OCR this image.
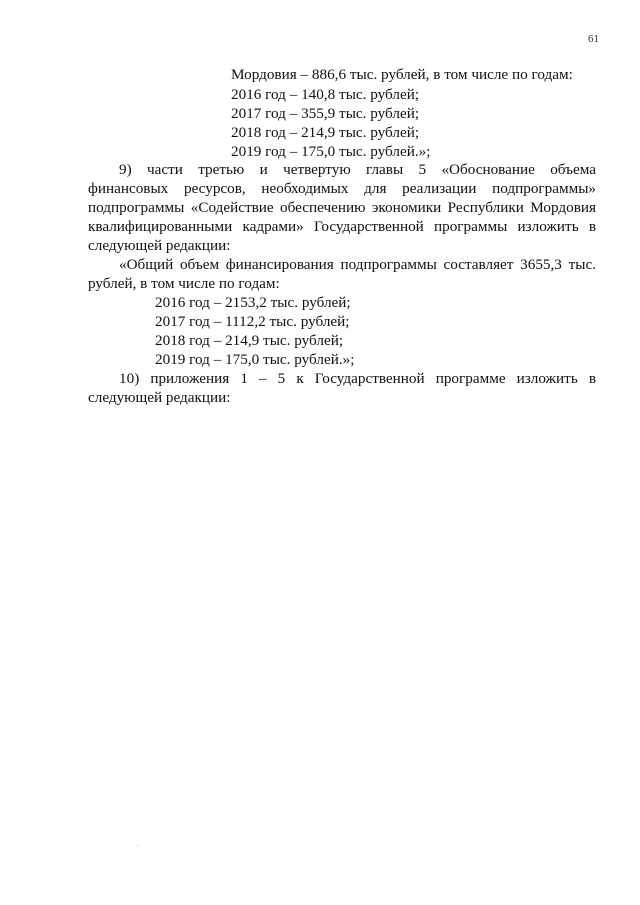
61
Мордовия – 886,6 тыс. рублей, в том числе по годам:
2016 год – 140,8 тыс. рублей;
2017 год – 355,9 тыс. рублей;
2018 год – 214,9 тыс. рублей;
2019 год – 175,0 тыс. рублей.»;
9) части третью и четвертую главы 5 «Обоснование объема
финансовых ресурсов, необходимых для реализации подпрограммы»
подпрограммы «Содействие обеспечению экономики Республики Мордовия
квалифицированными кадрами» Государственной программы изложить в
следующей редакции:
«Общий объем финансирования подпрограммы составляет 3655,3 тыс.
рублей, в том числе по годам:
2016 год – 2153,2 тыс. рублей;
2017 год – 1112,2 тыс. рублей;
2018 год – 214,9 тыс. рублей;
2019 год – 175,0 тыс. рублей.»;
10) приложения 1 – 5 к Государственной программе изложить в
следующей редакции:
